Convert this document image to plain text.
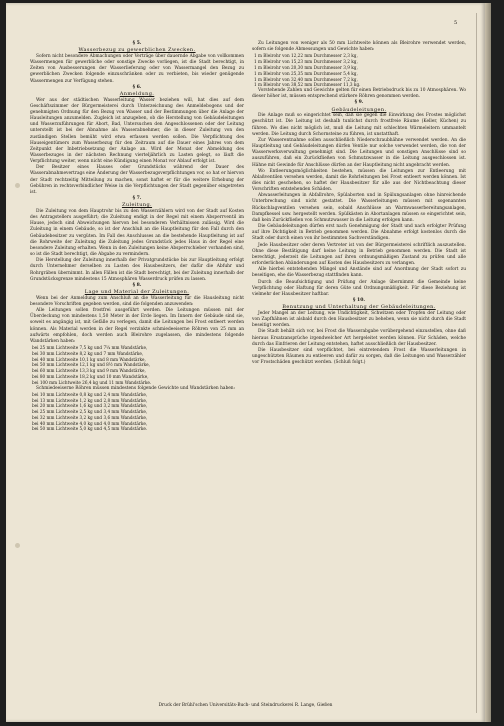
5

§ 5.

Wasserbezug zu gewerblichen Zwecken.

Sofern nicht besondere Abmachungen oder Verträge über dauernde Abgabe von vollkommen Wassermengen für gewerbliche oder sonstige Zwecke vorliegen, ist die Stadt berechtigt, in Zeiten von Ausbesserungen der Wasserlieferung oder von Wassermangel den Bezug zu gewerblichen Zwecken folgende einzuschränken oder zu verbieten, bis wieder genügende Wassermengen zur Verfügung stehen.

§ 6.

Anmeldung.

Wer aus der städtischen Wasserleitung Wasser beziehen will, hat dies auf dem Geschäftszimmer der Bürgermeisterei durch Unterzeichnung des Anmeldebogens und der genehmigten Ordnung für den Bezug von Wasser und der Bestimmungen über die Anlage der Hausleitungen anzumelden. Zugleich ist anzugeben, ob die Herstellung von Gebäudeleitungen und Wasserzuführungen für Abort, Bad, Untersuchen den Angeschlossenen oder der Leitung unterstellt ist bei der Abnahme als Wasserabnehmer, die in dieser Zuleitung von den zuständigen Stellen bemüht wird etwa erfassen werden sollen. Die Verpflichtung des Hauseigentümers zum Wasserbezug für den Zeitraum auf die Dauer eines Jahres von dem Zeitpunkt der Inbetriebsetzung der Anlage an. Wird der Monat der Abmeldung des Wasserbezuges in der nächsten Rechnung vierteljährlich zu Lasten gelegt, so läuft die Verpflichtung weiter, wenn nicht eine Kündigung einen Monat vor Ablauf erfolgt ist.

Der Besitzer eines Hauses oder Grundstücks während der Dauer des Wasserabnahmevertrags eine Änderung der Wasserbezugsverpflichtungen vor, so hat er hiervon der Stadt rechtzeitig Mitteilung zu machen, sonst haftet er für die weitere Erhebung der Gebühren in rechtsverbindlicher Weise in die Verpflichtungen der Stadt gegenüber eingetreten ist.

§ 7.

Zuleitung.

Die Zuleitung von dem Hauptrohr bis zu den Wasserzählern wird von der Stadt auf Kosten des Antragstellers ausgeführt; die Zuleitung endigt in der Regel mit einem Absperrventil im Hause, jedoch sind Abweichungen hiervon bei besonderen Verhältnissen zulässig. Wird die Zuleitung in einem Gebäude, so ist der Anschluß an die Hauptleitung für den Fall durch den Gebäudebesitzer zu vergüten. Im Fall des Anschlusses an die bestehende Hauptleitung ist auf die Rohrweite der Zuleitung die Zuleitung jedes Grundstück jedes Haus in der Regel eine besondere Zuleitung erhalten. Wenn in den Zuleitungen keine Absperrschieber vorhanden sind, so ist die Stadt berechtigt, die Abgabe zu vermindern.

Die Herstellung der Zuleitung innerhalb der Privatgrundstücke bis zur Hauptleitung erfolgt durch Unternehmer derselben zu Lasten des Hausbesitzers, der dafür die Abfuhr und Rohrgräben übernimmt. In allen Fällen ist die Stadt berechtigt, bei der Zuleitung innerhalb der Grundstücksgrenze mindestens 15 Atmosphären Wasserdruck prüfen zu lassen.

§ 8.

Lage und Material der Zuleitungen.

Wenn bei der Anmeldung zum Anschluß an die Wasserleitung für die Hausleitung nicht besondere Vorschriften gegeben werden, sind die folgenden anzuwenden:

Alle Leitungen sollen frostfrei ausgeführt werden. Die Leitungen müssen mit der Überdeckung von mindestens 1,50 Meter in der Erde liegen. Im Innern der Gebäude sind sie, soweit es angängig ist, mit Gefälle zu verlegen, damit die Leitungen bei Frost entleert werden können. Als Material werden in der Regel verzinkte schmiedeeiserne Röhren von 25 mm an aufwärts empfohlen, doch werden auch Bleirohre zugelassen, die mindestens folgende Wandstärken haben:

bei 25 mm Lichtweite 7,5 kg und 7¼ mm Wandstärke,
bei 30 mm Lichtweite 8,2 kg und 7 mm Wandstärke,
bei 40 mm Lichtweite 10,1 kg und 8 mm Wandstärke,
bei 50 mm Lichtweite 12,1 kg und 8½ mm Wandstärke,
bei 60 mm Lichtweite 13,3 kg und 9 mm Wandstärke,
bei 80 mm Lichtweite 18,2 kg und 10 mm Wandstärke,
bei 100 mm Lichtweite 26,4 kg und 11 mm Wandstärke.

Schmiedeeiserne Röhren müssen mindestens folgende Gewichte und Wandstärken haben:

bei 10 mm Lichtweite 0,8 kg und 2,4 mm Wandstärke,
bei 13 mm Lichtweite 1,2 kg und 2,8 mm Wandstärke,
bei 20 mm Lichtweite 1,6 kg und 3,2 mm Wandstärke,
bei 25 mm Lichtweite 2,5 kg und 3,4 mm Wandstärke,
bei 32 mm Lichtweite 3,2 kg und 3,6 mm Wandstärke,
bei 40 mm Lichtweite 4,0 kg und 4,0 mm Wandstärke,
bei 50 mm Lichtweite 5,0 kg und 4,5 mm Wandstärke.

Zu Leitungen von weniger als 50 mm Lichtweite können als Bleirohre verwendet werden, sofern sie folgende Abmessungen und Gewichte haben:

1 m Bleirohr von 12,22 mm Durchmesser 2,3 kg,
1 m Bleirohr von 15,23 mm Durchmesser 3,2 kg,
1 m Bleirohr von 20,30 mm Durchmesser 3,9 kg,
1 m Bleirohr von 25,35 mm Durchmesser 5,4 kg,
1 m Bleirohr von 32,40 mm Durchmesser 7,2 kg,
1 m Bleirohr von 38,52 mm Durchmesser 11,3 kg.

Vorstehende Zahlen und Gewichte gelten für einen Betriebsdruck bis zu 10 Atmosphären. Wo dieser höher ist, müssen entsprechend stärkere Röhren genommen werden.

§ 9.

Gebäudeleitungen.

Die Anlage muß so eingerichtet sein, daß sie gegen die Einwirkung des Frostes möglichst geschützt ist. Die Leitung ist deshalb tunlichst durch frostfreie Räume (Keller, Küchen) zu führen. Wo dies nicht möglich ist, muß die Leitung mit schlechten Wärmeleitern ummantelt werden. Die Leitung durch Schornsteine zu führen, ist unstatthaft.

Zur Wasserentnahme sollen ausschließlich Niederschraubhähne verwendet werden. An die Hauptleitung und Gebäudeleitungen dürfen Ventile nur solche verwendet werden, die von der Wasserwerksverwaltung genehmigt sind. Die Leitungen und sonstigen Anschlüsse sind so auszuführen, daß ein Zurückfließen von Schmutzwasser in die Leitung ausgeschlossen ist. Hähne mit Gewinde für Anschlüsse dürfen an der Hauptleitung nicht angebracht werden.

Wo Entleerungsmöglichkeiten bestehen, müssen die Leitungen zur Entleerung mit Ablaßventilen versehen werden, damit die Rohrleitungen bei Frost entleert werden können. Ist dies nicht geschehen, so haftet der Hausbesitzer für alle aus der Nichtbeachtung dieser Vorschriften entstehenden Schäden.

Abwasserleitungen in Abfallrohre, Spülaborten und in Spülungsanlagen ohne hinreichende Unterbrechung sind nicht gestattet. Die Wasserleitungen müssen mit sogenannten Rückschlagventilen versehen sein, sobald Anschlüsse an Warmwasserbereitungsanlagen, Dampfkessel usw. hergestellt werden. Spülkästen in Abortanlagen müssen so eingerichtet sein, daß kein Zurückfließen von Schmutzwasser in die Leitung erfolgen kann.

Die Gebäudeleitungen dürfen erst nach Genehmigung der Stadt und nach erfolgter Prüfung auf ihre Dichtigkeit in Betrieb genommen werden. Die Abnahme erfolgt kostenlos durch die Stadt oder durch einen von ihr bestimmten Sachverständigen.

Jede Hausbesitzer oder deren Vertreter ist von der Bürgermeisterei schriftlich auszustellen. Ohne diese Bestätigung darf keine Leitung in Betrieb genommen werden. Die Stadt ist berechtigt, jederzeit die Leitungen auf ihren ordnungsmäßigen Zustand zu prüfen und alle erforderlichen Abänderungen auf Kosten des Hausbesitzers zu verlangen.

Alle hierbei entstehenden Mängel und Anstände sind auf Anordnung der Stadt sofort zu beseitigen, ehe die Wasserbezug stattfinden kann.

Durch die Beaufsichtigung und Prüfung der Anlage übernimmt die Gemeinde keine Verpflichtung oder Haftung für deren Güte und Ordnungsmäßigkeit. Für diese Beziehung ist vielmehr der Hausbesitzer haftbar.

§ 10.

Benutzung und Unterhaltung der Gebäudeleitungen.

Jeder Mangel an der Leitung, wie Undichtigkeit, Schwitzen oder Tropfen der Leitung oder von Zapfhähnen ist alsbald durch den Hausbesitzer zu beheben, wenn sie nicht durch die Stadt beseitigt werden.

Die Stadt behält sich vor, bei Frost die Wasserabgabe vorübergehend einzustellen, ohne daß hieraus Ersatzansprüche irgendwelcher Art hergeleitet werden können. Für Schäden, welche durch das Einfrieren der Leitung entstehen, haftet ausschließlich der Hausbesitzer.

Die Hausbesitzer sind verpflichtet, bei eintretendem Frost die Wasserleitungen in ungeschützten Räumen zu entleeren und dafür zu sorgen, daß die Leitungen und Wasserzähler vor Frostschäden geschützt werden. (Schluß folgt.)

Druck der Brühl'schen Universitäts-Buch- und Steindruckerei R. Lange, Gießen
